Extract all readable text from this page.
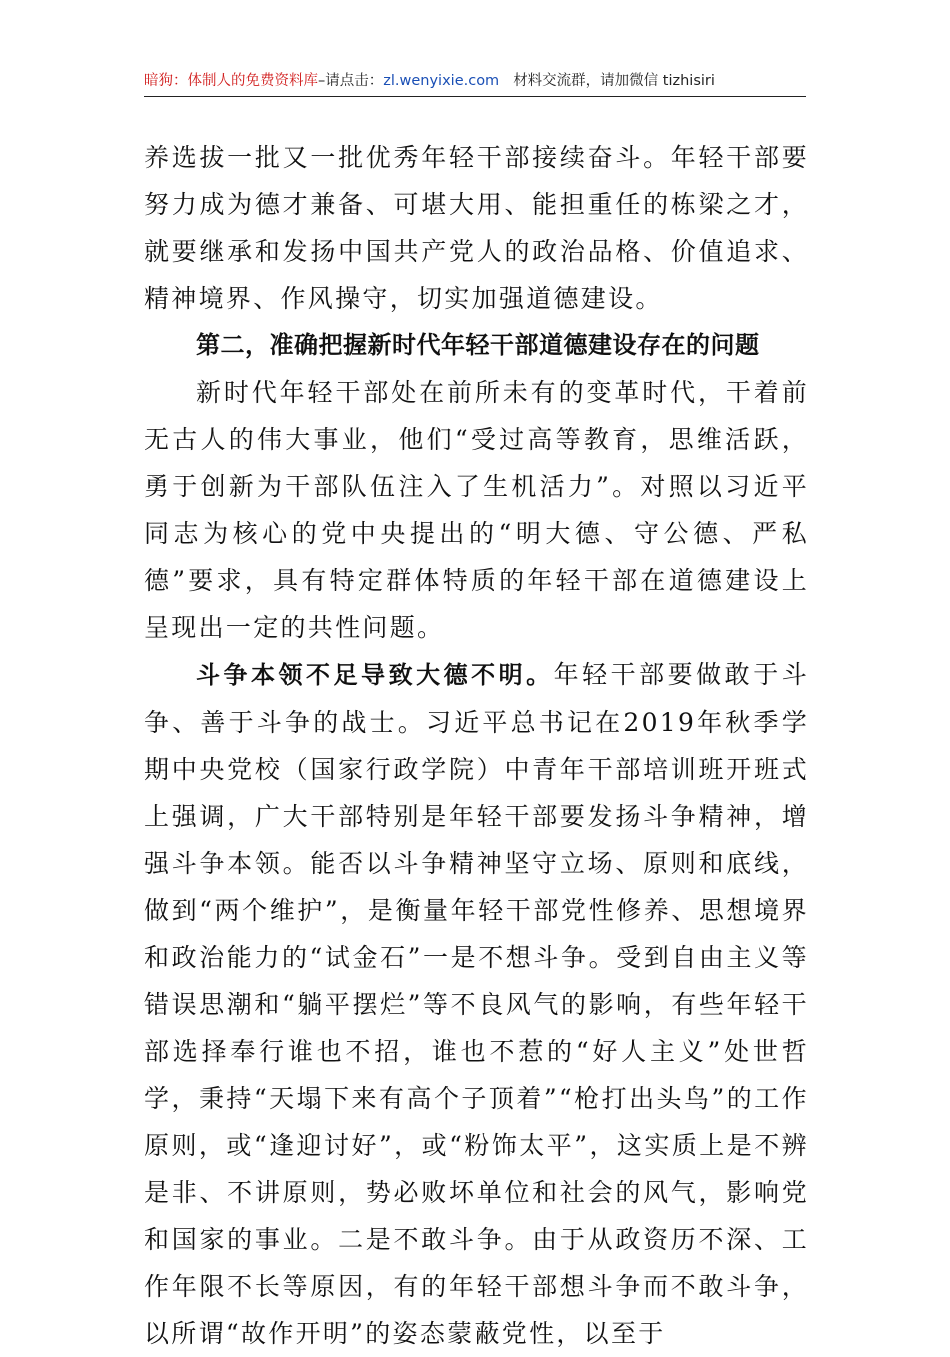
暗狗：体制人的免费资料库–请点击：zl.wenyixie.com 材料交流群，请加微信 tizhisiri

养选拔一批又一批优秀年轻干部接续奋斗。年轻干部要努力成为德才兼备、可堪大用、能担重任的栋梁之才，就要继承和发扬中国共产党人的政治品格、价值追求、精神境界、作风操守，切实加强道德建设。

第二，准确把握新时代年轻干部道德建设存在的问题

新时代年轻干部处在前所未有的变革时代，干着前无古人的伟大事业，他们“受过高等教育，思维活跃，勇于创新为干部队伍注入了生机活力”。对照以习近平同志为核心的党中央提出的“明大德、守公德、严私德”要求，具有特定群体特质的年轻干部在道德建设上呈现出一定的共性问题。

斗争本领不足导致大德不明。年轻干部要做敢于斗争、善于斗争的战士。习近平总书记在2019年秋季学期中央党校（国家行政学院）中青年干部培训班开班式上强调，广大干部特别是年轻干部要发扬斗争精神，增强斗争本领。能否以斗争精神坚守立场、原则和底线，做到“两个维护”，是衡量年轻干部党性修养、思想境界和政治能力的“试金石”一是不想斗争。受到自由主义等错误思潮和“躺平摆烂”等不良风气的影响，有些年轻干部选择奉行谁也不招，谁也不惹的“好人主义”处世哲学，秉持“天塌下来有高个子顶着”“枪打出头鸟”的工作原则，或“逢迎讨好”，或“粉饰太平”，这实质上是不辨是非、不讲原则，势必败坏单位和社会的风气，影响党和国家的事业。二是不敢斗争。由于从政资历不深、工作年限不长等原因，有的年轻干部想斗争而不敢斗争，以所谓“故作开明”的姿态蒙蔽党性，以至于
